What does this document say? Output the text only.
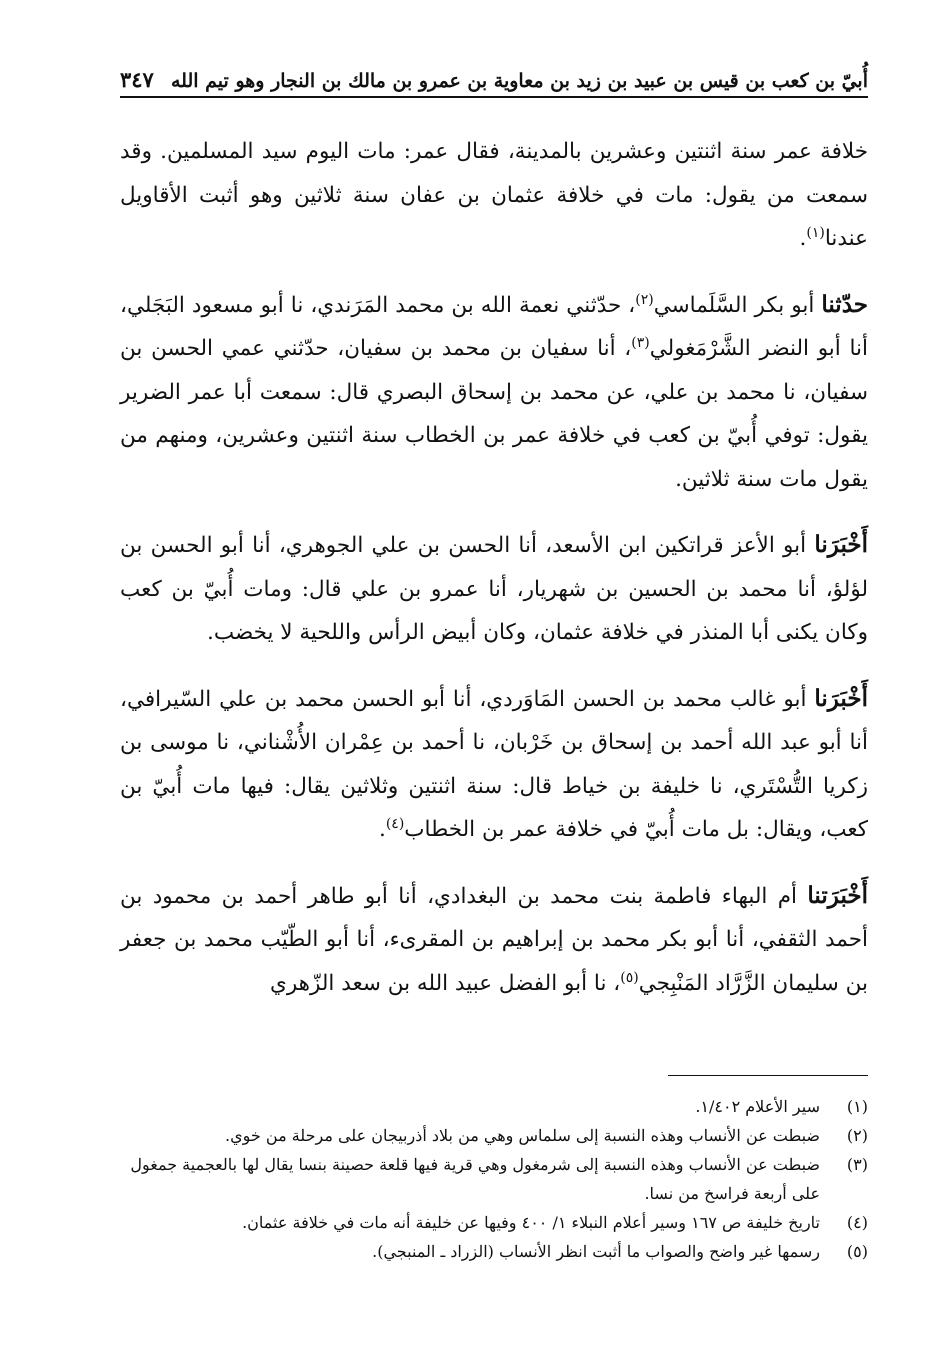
أُبيّ بن كعب بن قيس بن عبيد بن زيد بن معاوية بن عمرو بن مالك بن النجار وهو تيم الله
٣٤٧

خلافة عمر سنة اثنتين وعشرين بالمدينة، فقال عمر: مات اليوم سيد المسلمين. وقد سمعت من يقول: مات في خلافة عثمان بن عفان سنة ثلاثين وهو أثبت الأقاويل عندنا$^{(١)}$.

حدّثنا أبو بكر السَّلَماسي$^{(٢)}$، حدّثني نعمة الله بن محمد المَرَندي، نا أبو مسعود البَجَلي، أنا أبو النضر الشَّرْمَغولي$^{(٣)}$، أنا سفيان بن محمد بن سفيان، حدّثني عمي الحسن بن سفيان، نا محمد بن علي، عن محمد بن إسحاق البصري قال: سمعت أبا عمر الضرير يقول: توفي أُبيّ بن كعب في خلافة عمر بن الخطاب سنة اثنتين وعشرين، ومنهم من يقول مات سنة ثلاثين.

أَخْبَرَنا أبو الأعز قراتكين ابن الأسعد، أنا الحسن بن علي الجوهري، أنا أبو الحسن بن لؤلؤ، أنا محمد بن الحسين بن شهريار، أنا عمرو بن علي قال: ومات أُبيّ بن كعب وكان يكنى أبا المنذر في خلافة عثمان، وكان أبيض الرأس واللحية لا يخضب.

أَخْبَرَنا أبو غالب محمد بن الحسن المَاوَردي، أنا أبو الحسن محمد بن علي السّيرافي، أنا أبو عبد الله أحمد بن إسحاق بن خَرْبان، نا أحمد بن عِمْران الأُشْناني، نا موسى بن زكريا التُّسْتَري، نا خليفة بن خياط قال: سنة اثنتين وثلاثين يقال: فيها مات أُبيّ بن كعب، ويقال: بل مات أُبيّ في خلافة عمر بن الخطاب$^{(٤)}$.

أَخْبَرَتنا أم البهاء فاطمة بنت محمد بن البغدادي، أنا أبو طاهر أحمد بن محمود بن أحمد الثقفي، أنا أبو بكر محمد بن إبراهيم بن المقرىء، أنا أبو الطّيّب محمد بن جعفر بن سليمان الزَّرَّاد المَنْبِجي$^{(٥)}$، نا أبو الفضل عبيد الله بن سعد الزّهري

(١)
سير الأعلام ١/٤٠٢.
(٢)
ضبطت عن الأنساب وهذه النسبة إلى سلماس وهي من بلاد أذربيجان على مرحلة من خوي.
(٣)
ضبطت عن الأنساب وهذه النسبة إلى شرمغول وهي قرية فيها قلعة حصينة بنسا يقال لها بالعجمية جمغول على أربعة فراسخ من نسا.
(٤)
تاريخ خليفة ص ١٦٧ وسير أعلام النبلاء ١/ ٤٠٠ وفيها عن خليفة أنه مات في خلافة عثمان.
(٥)
رسمها غير واضح والصواب ما أثبت انظر الأنساب (الزراد ـ المنبجي).
